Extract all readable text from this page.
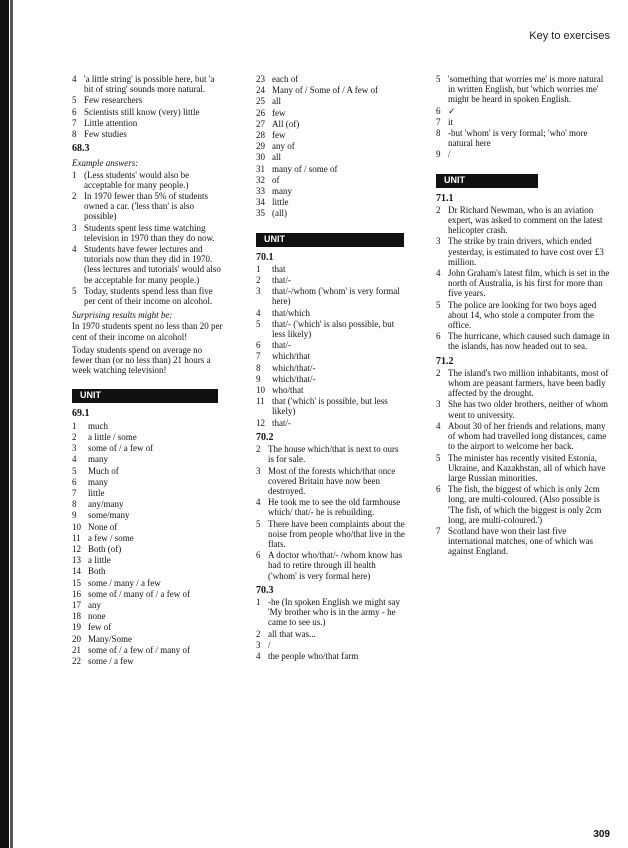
Key to exercises
4 'a little string' is possible here, but 'a bit of string' sounds more natural.
5 Few researchers
6 Scientists still know (very) little
7 Little attention
8 Few studies
68.3
Example answers:
1 (Less students' would also be acceptable for many people.)
2 In 1970 fewer than 5% of students owned a car. ('less than' is also possible)
3 Students spent less time watching television in 1970 than they do now.
4 Students have fewer lectures and tutorials now than they did in 1970. (less lectures and tutorials' would also be acceptable for many people.)
5 Today, students spend less than five per cent of their income on alcohol.
Surprising results might be:
In 1970 students spent no less than 20 per cent of their income on alcohol!
Today students spend on average no fewer than (or no less than) 21 hours a week watching television!
UNIT
69.1
1	much
2	a little / some
3	some of / a few of
4	many
5	Much of
6	many
7	little
8	any/many
9	some/many
10 None of
11 a few / some
12 Both (of)
13 a little
14 Both
15 some / many / a few
16 some of / many of / a few of
17 any
18 none
19 few of
20 Many/Some
21 some of / a few of / many of
22 some / a few
23 each of
24 Many of / Some of / A few of
25 all
26 few
27 All (of)
28 few
29 any of
30 all
31 many of / some of
32 of
33 many
34 little
35 (all)
UNIT
70.1
1	that
2	that/-
3	that/-/whom ('whom' is very formal here)
4	that/which
5	that/- ('which' is also possible, but less likely)
6	that/-
7	which/that
8	which/that/-
9	which/that/-
10 who/that
11 that ('which' is possible, but less likely)
12 that/-
70.2
2 The house which/that is next to ours is for sale.
3 Most of the forests which/that once covered Britain have now been destroyed.
4 He took me to see the old farmhouse which/ that/- he is rebuilding.
5 There have been complaints about the noise from people who/that live in the flats.
6 A doctor who/that/- /whom know has had to retire through ill health ('whom' is very formal here)
70.3
1 -he (In spoken English we might say 'My brother who is in the army - he came to see us.)
2 all that was...
3 /
4 the people who/that farm
5 'something that worries me' is more natural in written English, but 'which worries me' might be heard in spoken English.
6 ✓
7 it
8 -but 'whom' is very formal; 'who' more natural here
9 /
UNIT
71.1
2 Dr Richard Newman, who is an aviation expert, was asked to comment on the latest helicopter crash.
3 The strike by train drivers, which ended yesterday, is estimated to have cost over £3 million.
4 John Graham's latest film, which is set in the north of Australia, is his first for more than five years.
5 The police are looking for two boys aged about 14, who stole a computer from the office.
6 The hurricane, which caused such damage in the islands, has now headed out to sea.
71.2
2 The island's two million inhabitants, most of whom are peasant farmers, have been badly affected by the drought.
3 She has two older brothers, neither of whom went to university.
4 About 30 of her friends and relations, many of whom had travelled long distances, came to the airport to welcome her back.
5 The minister has recently visited Estonia, Ukraine, and Kazakhstan, all of which have large Russian minorities.
6 The fish, the biggest of which is only 2cm long, are multi-coloured. (Also possible is 'The fish, of which the biggest is only 2cm long, are multi-coloured.')
7 Scotland have won their last five international matches, one of which was against England.
309
